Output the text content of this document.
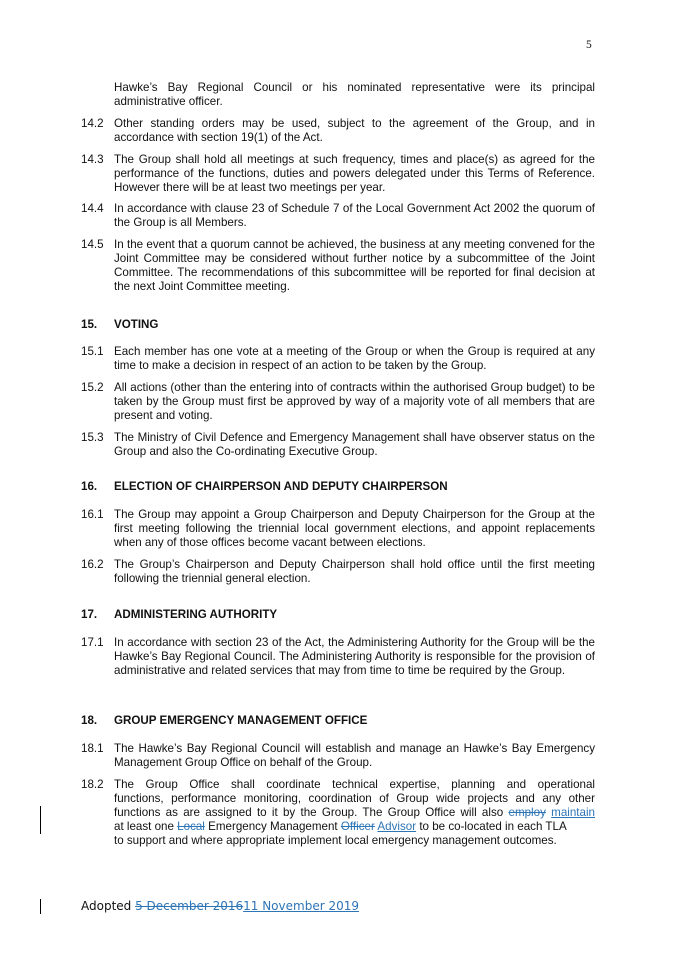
5
Hawke’s Bay Regional Council or his nominated representative were its principal administrative officer.
14.2 Other standing orders may be used, subject to the agreement of the Group, and in accordance with section 19(1) of the Act.
14.3 The Group shall hold all meetings at such frequency, times and place(s) as agreed for the performance of the functions, duties and powers delegated under this Terms of Reference. However there will be at least two meetings per year.
14.4 In accordance with clause 23 of Schedule 7 of the Local Government Act 2002 the quorum of the Group is all Members.
14.5 In the event that a quorum cannot be achieved, the business at any meeting convened for the Joint Committee may be considered without further notice by a subcommittee of the Joint Committee. The recommendations of this subcommittee will be reported for final decision at the next Joint Committee meeting.
15. VOTING
15.1 Each member has one vote at a meeting of the Group or when the Group is required at any time to make a decision in respect of an action to be taken by the Group.
15.2 All actions (other than the entering into of contracts within the authorised Group budget) to be taken by the Group must first be approved by way of a majority vote of all members that are present and voting.
15.3 The Ministry of Civil Defence and Emergency Management shall have observer status on the Group and also the Co-ordinating Executive Group.
16. ELECTION OF CHAIRPERSON AND DEPUTY CHAIRPERSON
16.1 The Group may appoint a Group Chairperson and Deputy Chairperson for the Group at the first meeting following the triennial local government elections, and appoint replacements when any of those offices become vacant between elections.
16.2 The Group’s Chairperson and Deputy Chairperson shall hold office until the first meeting following the triennial general election.
17. ADMINISTERING AUTHORITY
17.1 In accordance with section 23 of the Act, the Administering Authority for the Group will be the Hawke’s Bay Regional Council. The Administering Authority is responsible for the provision of administrative and related services that may from time to time be required by the Group.
18. GROUP EMERGENCY MANAGEMENT OFFICE
18.1 The Hawke’s Bay Regional Council will establish and manage an Hawke’s Bay Emergency Management Group Office on behalf of the Group.
18.2 The Group Office shall coordinate technical expertise, planning and operational
functions, performance monitoring, coordination of Group wide projects and any other
functions as are assigned to it by the Group. The Group Office will also employ maintain
at least one Local Emergency Management Officer Advisor to be co-located in each TLA
to support and where appropriate implement local emergency management outcomes.
Adopted 5 December 201611 November 2019
